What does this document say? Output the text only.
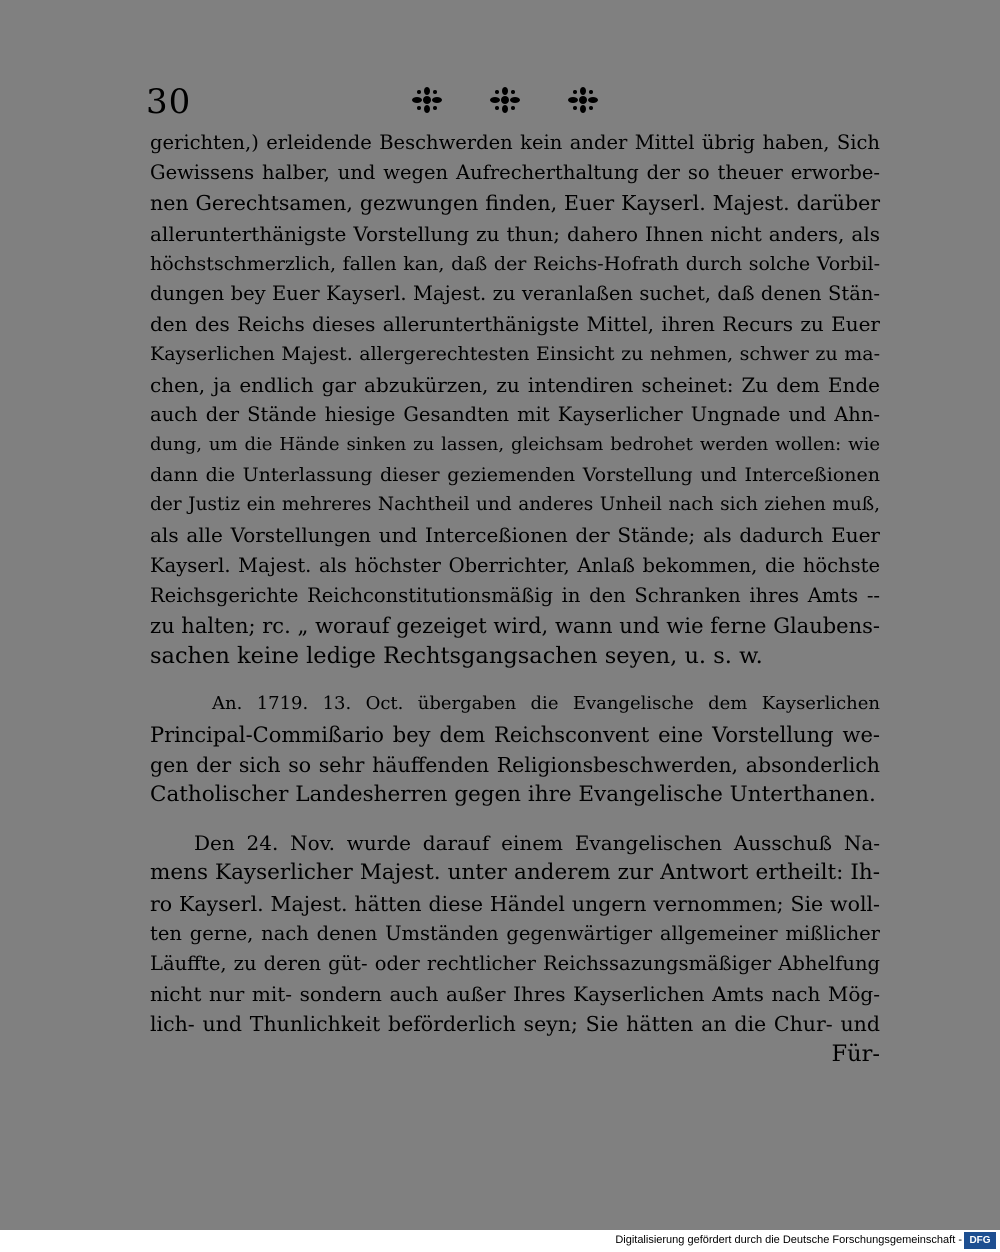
30
gerichten,) erleidende Beschwerden kein ander Mittel übrig haben, Sich
Gewissens halber, und wegen Aufrecherthaltung der so theuer erworbe-
nen Gerechtsamen, gezwungen finden, Euer Kayserl. Majest. darüber
allerunterthänigste Vorstellung zu thun; dahero Ihnen nicht anders, als
höchstschmerzlich, fallen kan, daß der Reichs-Hofrath durch solche Vorbil-
dungen bey Euer Kayserl. Majest. zu veranlaßen suchet, daß denen Stän-
den des Reichs dieses allerunterthänigste Mittel, ihren Recurs zu Euer
Kayserlichen Majest. allergerechtesten Einsicht zu nehmen, schwer zu ma-
chen, ja endlich gar abzukürzen, zu intendiren scheinet: Zu dem Ende
auch der Stände hiesige Gesandten mit Kayserlicher Ungnade und Ahn-
dung, um die Hände sinken zu lassen, gleichsam bedrohet werden wollen: wie
dann die Unterlassung dieser geziemenden Vorstellung und Interceßionen
der Justiz ein mehreres Nachtheil und anderes Unheil nach sich ziehen muß,
als alle Vorstellungen und Interceßionen der Stände; als dadurch Euer
Kayserl. Majest. als höchster Oberrichter, Anlaß bekommen, die höchste
Reichsgerichte Reichconstitutionsmäßig in den Schranken ihres Amts --
zu halten; rc. „ worauf gezeiget wird, wann und wie ferne Glaubens-
sachen keine ledige Rechtsgangsachen seyen, u. s. w.
An. 1719. 13. Oct. übergaben die Evangelische dem Kayserlichen
Principal-Commißario bey dem Reichsconvent eine Vorstellung we-
gen der sich so sehr häuffenden Religionsbeschwerden, absonderlich
Catholischer Landesherren gegen ihre Evangelische Unterthanen.
Den 24. Nov. wurde darauf einem Evangelischen Ausschuß Na-
mens Kayserlicher Majest. unter anderem zur Antwort ertheilt: Ih-
ro Kayserl. Majest. hätten diese Händel ungern vernommen; Sie woll-
ten gerne, nach denen Umständen gegenwärtiger allgemeiner mißlicher
Läuffte, zu deren güt- oder rechtlicher Reichssazungsmäßiger Abhelfung
nicht nur mit- sondern auch außer Ihres Kayserlichen Amts nach Mög-
lich- und Thunlichkeit beförderlich seyn; Sie hätten an die Chur- und
Für-
Digitalisierung gefördert durch die Deutsche Forschungsgemeinschaft - DFG
